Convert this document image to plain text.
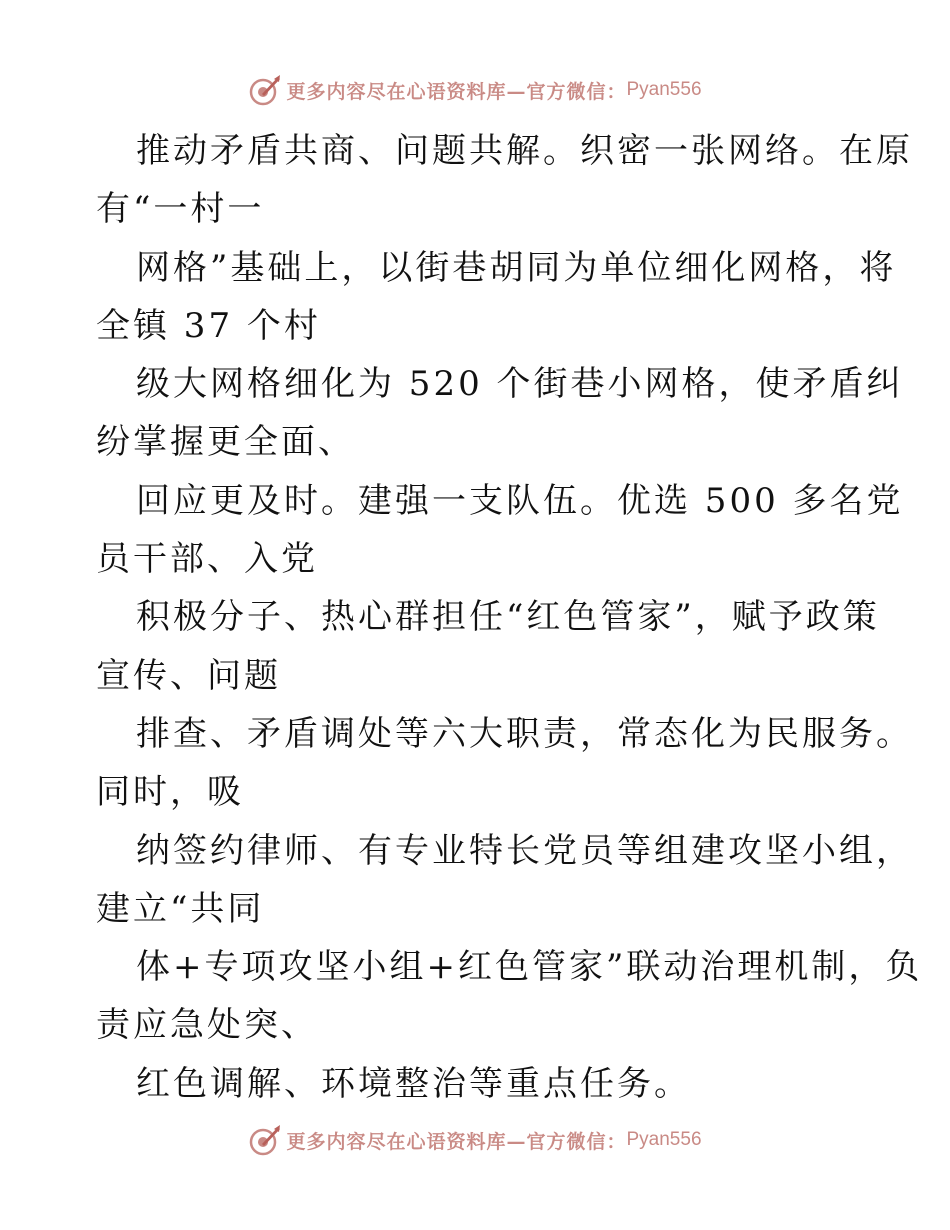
更多内容尽在心语资料库—官方微信： Pyan556
推动矛盾共商、问题共解。织密一张网络。在原
有“一村一
网格”基础上，以街巷胡同为单位细化网格，将
全镇 37 个村
级大网格细化为 520 个街巷小网格，使矛盾纠
纷掌握更全面、
回应更及时。建强一支队伍。优选 500 多名党
员干部、入党
积极分子、热心群担任“红色管家”，赋予政策
宣传、问题
排查、矛盾调处等六大职责，常态化为民服务。
同时，吸
纳签约律师、有专业特长党员等组建攻坚小组，
建立“共同
体+专项攻坚小组+红色管家”联动治理机制，负
责应急处突、
红色调解、环境整治等重点任务。
更多内容尽在心语资料库—官方微信： Pyan556
